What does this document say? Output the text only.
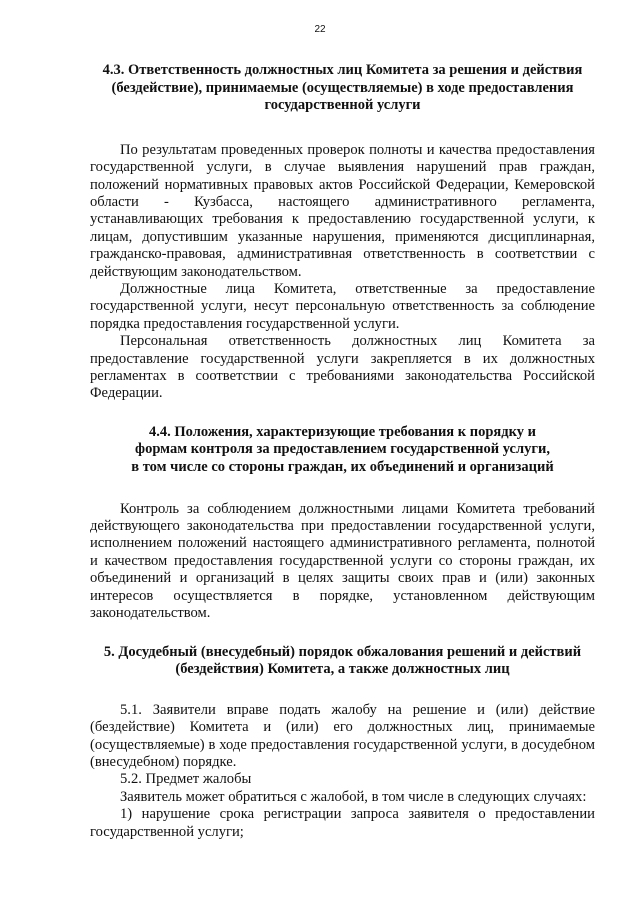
22
4.3. Ответственность должностных лиц Комитета за решения и действия (бездействие), принимаемые (осуществляемые) в ходе предоставления государственной услуги

По результатам проведенных проверок полноты и качества предоставления государственной услуги, в случае выявления нарушений прав граждан, положений нормативных правовых актов Российской Федерации, Кемеровской области - Кузбасса, настоящего административного регламента, устанавливающих требования к предоставлению государственной услуги, к лицам, допустившим указанные нарушения, применяются дисциплинарная, гражданско-правовая, административная ответственность в соответствии с действующим законодательством.

Должностные лица Комитета, ответственные за предоставление государственной услуги, несут персональную ответственность за соблюдение порядка предоставления государственной услуги.

Персональная ответственность должностных лиц Комитета за предоставление государственной услуги закрепляется в их должностных регламентах в соответствии с требованиями законодательства Российской Федерации.

4.4. Положения, характеризующие требования к порядку и формам контроля за предоставлением государственной услуги, в том числе со стороны граждан, их объединений и организаций

Контроль за соблюдением должностными лицами Комитета требований действующего законодательства при предоставлении государственной услуги, исполнением положений настоящего административного регламента, полнотой и качеством предоставления государственной услуги со стороны граждан, их объединений и организаций в целях защиты своих прав и (или) законных интересов осуществляется в порядке, установленном действующим законодательством.

5. Досудебный (внесудебный) порядок обжалования решений и действий (бездействия) Комитета, а также должностных лиц

5.1. Заявители вправе подать жалобу на решение и (или) действие (бездействие) Комитета и (или) его должностных лиц, принимаемые (осуществляемые) в ходе предоставления государственной услуги, в досудебном (внесудебном) порядке.

5.2. Предмет жалобы

Заявитель может обратиться с жалобой, в том числе в следующих случаях:

1) нарушение срока регистрации запроса заявителя о предоставлении государственной услуги;
